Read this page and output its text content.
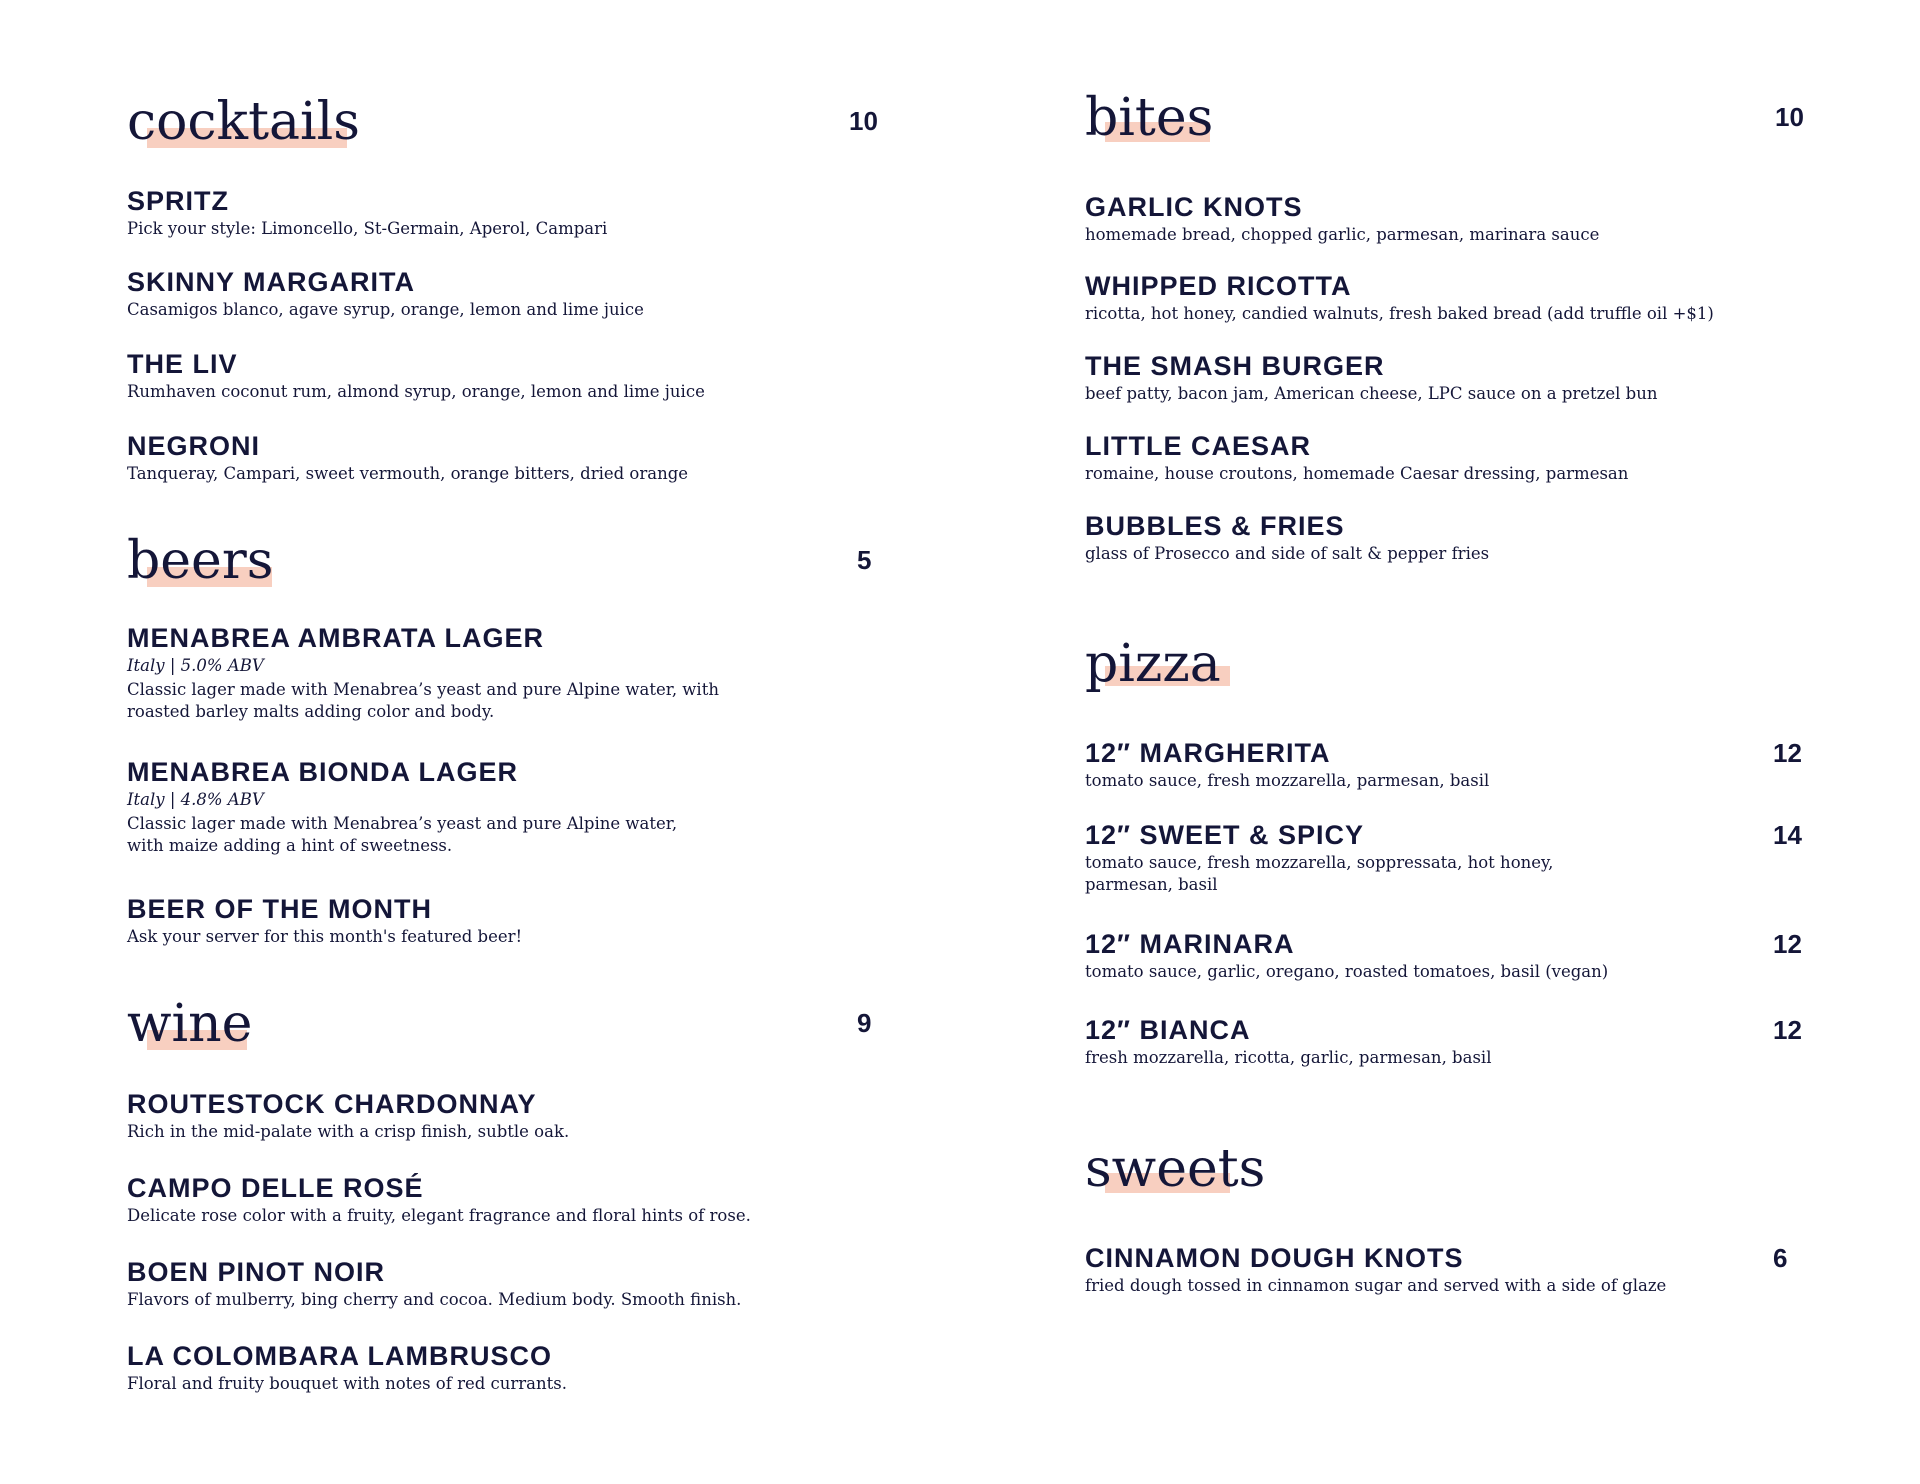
cocktails	10
SPRITZ
Pick your style: Limoncello, St-Germain, Aperol, Campari
SKINNY MARGARITA
Casamigos blanco, agave syrup, orange, lemon and lime juice
THE LIV
Rumhaven coconut rum, almond syrup, orange, lemon and lime juice
NEGRONI
Tanqueray, Campari, sweet vermouth, orange bitters, dried orange
beers	5
MENABREA AMBRATA LAGER
Italy | 5.0% ABV
Classic lager made with Menabrea’s yeast and pure Alpine water, with roasted barley malts adding color and body.
MENABREA BIONDA LAGER
Italy | 4.8% ABV
Classic lager made with Menabrea’s yeast and pure Alpine water, with maize adding a hint of sweetness.
BEER OF THE MONTH
Ask your server for this month's featured beer!
wine	9
ROUTESTOCK CHARDONNAY
Rich in the mid-palate with a crisp finish, subtle oak.
CAMPO DELLE ROSÉ
Delicate rose color with a fruity, elegant fragrance and floral hints of rose.
BOEN PINOT NOIR
Flavors of mulberry, bing cherry and cocoa. Medium body. Smooth finish.
LA COLOMBARA LAMBRUSCO
Floral and fruity bouquet with notes of red currants.
bites	10
GARLIC KNOTS
homemade bread, chopped garlic, parmesan, marinara sauce
WHIPPED RICOTTA
ricotta, hot honey, candied walnuts, fresh baked bread (add truffle oil +$1)
THE SMASH BURGER
beef patty, bacon jam, American cheese, LPC sauce on a pretzel bun
LITTLE CAESAR
romaine, house croutons, homemade Caesar dressing, parmesan
BUBBLES & FRIES
glass of Prosecco and side of salt & pepper fries
pizza
12″ MARGHERITA
tomato sauce, fresh mozzarella, parmesan, basil
12
12″ SWEET & SPICY
tomato sauce, fresh mozzarella, soppressata, hot honey, parmesan, basil
14
12″ MARINARA
tomato sauce, garlic, oregano, roasted tomatoes, basil (vegan)
12
12″ BIANCA
fresh mozzarella, ricotta, garlic, parmesan, basil
12
sweets
CINNAMON DOUGH KNOTS
fried dough tossed in cinnamon sugar and served with a side of glaze
6
